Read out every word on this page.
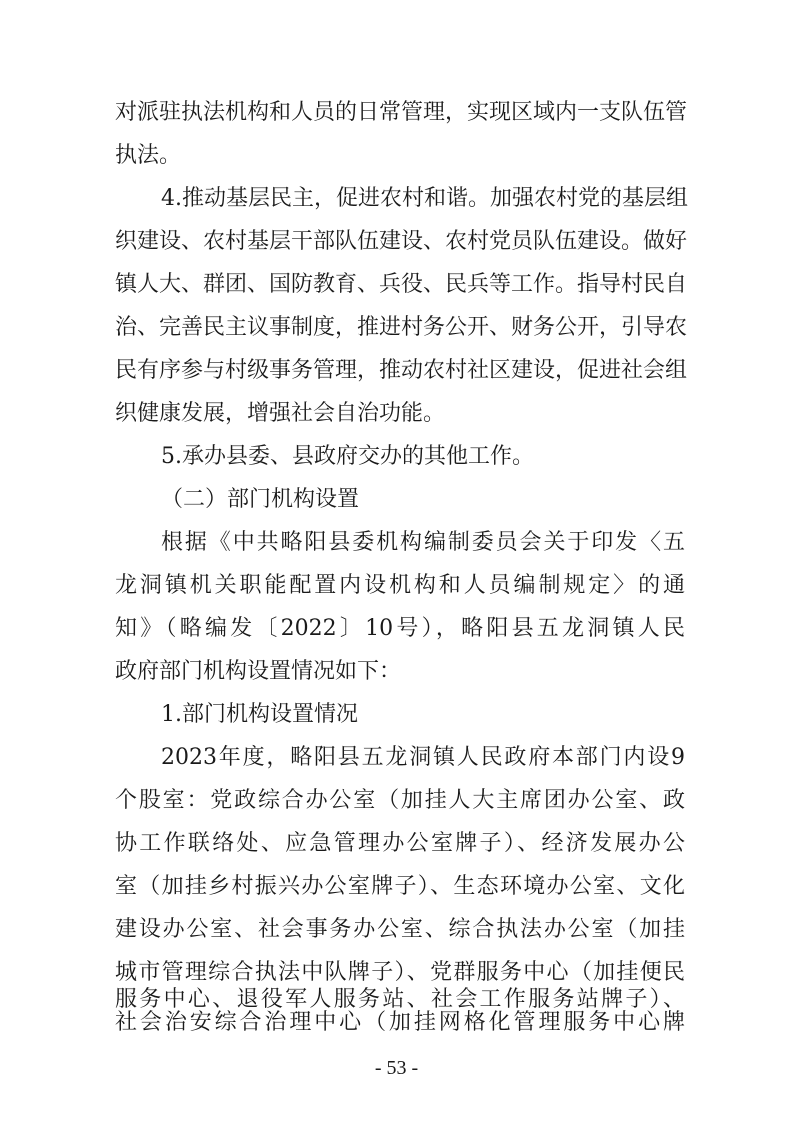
对派驻执法机构和人员的日常管理，实现区域内一支队伍管
执法。
4.推动基层民主，促进农村和谐。加强农村党的基层组
织建设、农村基层干部队伍建设、农村党员队伍建设。做好
镇人大、群团、国防教育、兵役、民兵等工作。指导村民自
治、完善民主议事制度，推进村务公开、财务公开，引导农
民有序参与村级事务管理，推动农村社区建设，促进社会组
织健康发展，增强社会自治功能。
5.承办县委、县政府交办的其他工作。
（二）部门机构设置
根据《中共略阳县委机构编制委员会关于印发〈五
龙洞镇机关职能配置内设机构和人员编制规定〉的通
知》（略编发〔2022〕10号），略阳县五龙洞镇人民
政府部门机构设置情况如下：
1.部门机构设置情况
2023年度，略阳县五龙洞镇人民政府本部门内设9
个股室：党政综合办公室（加挂人大主席团办公室、政
协工作联络处、应急管理办公室牌子）、经济发展办公
室（加挂乡村振兴办公室牌子）、生态环境办公室、文化
建设办公室、社会事务办公室、综合执法办公室（加挂
城市管理综合执法中队牌子）、党群服务中心（加挂便民
服务中心、退役军人服务站、社会工作服务站牌子）、
社会治安综合治理中心（加挂网格化管理服务中心牌
- 53 -
